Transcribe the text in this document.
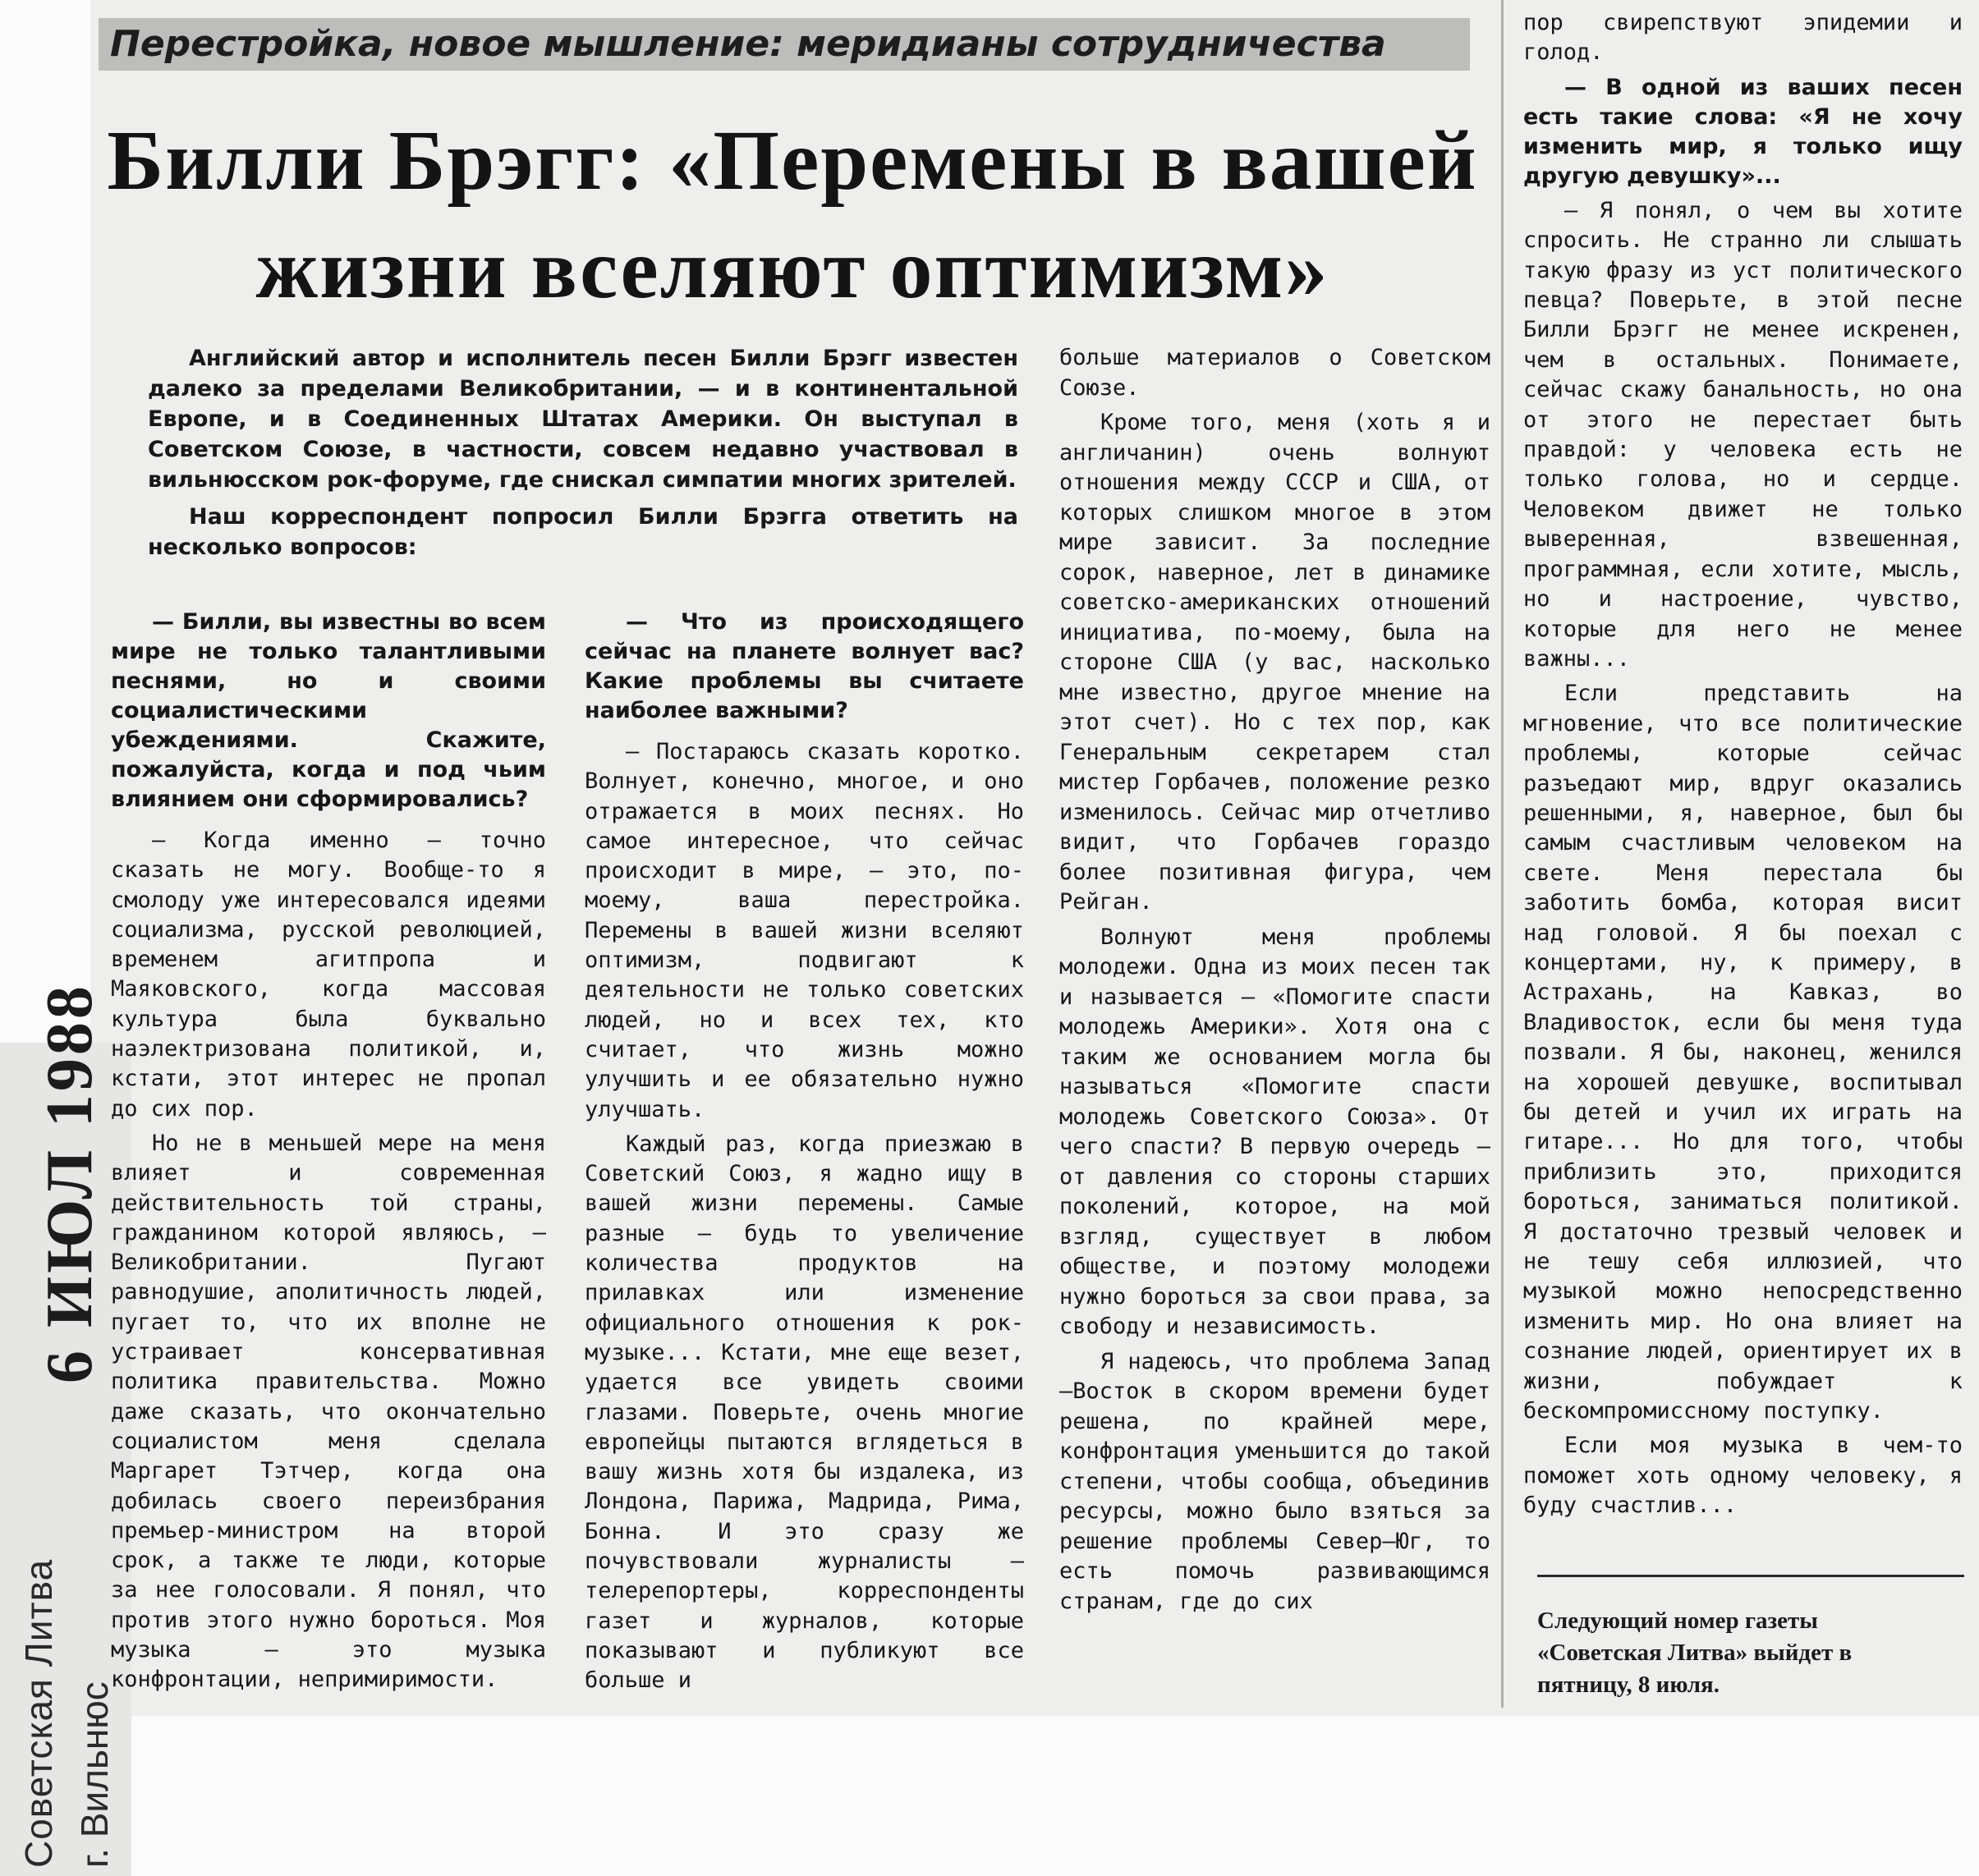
Советская Литва г. Вильнюс
6 ИЮЛ 1988
Перестройка, новое мышление: меридианы сотрудничества
Билли Брэгг: «Перемены в вашей
жизни вселяют оптимизм»

Английский автор и исполнитель песен Билли Брэгг известен далеко за пределами Великобритании, — и в континентальной Европе, и в Соединенных Штатах Америки. Он выступал в Советском Союзе, в частности, совсем недавно участвовал в вильнюсском рок-форуме, где снискал симпатии многих зрителей.

Наш корреспондент попросил Билли Брэгга ответить на несколько вопросов:

— Билли, вы известны во всем мире не только талантливыми песнями, но и своими социалистическими убеждениями. Скажите, пожалуйста, когда и под чьим влиянием они сформировались?

— Когда именно — точно сказать не могу. Вообще-то я смолоду уже интересовался идеями социализма, русской революцией, временем агитпропа и Маяковского, когда массовая культура была буквально наэлектризована политикой, и, кстати, этот интерес не пропал до сих пор.

Но не в меньшей мере на меня влияет и современная действительность той страны, гражданином которой являюсь, — Великобритании. Пугают равнодушие, аполитичность людей, пугает то, что их вполне не устраивает консервативная политика правительства. Можно даже сказать, что окончательно социалистом меня сделала Маргарет Тэтчер, когда она добилась своего переизбрания премьер-министром на второй срок, а также те люди, которые за нее голосовали. Я понял, что против этого нужно бороться. Моя музыка — это музыка конфронтации, непримиримости.

— Что из происходящего сейчас на планете волнует вас? Какие проблемы вы считаете наиболее важными?

— Постараюсь сказать коротко. Волнует, конечно, многое, и оно отражается в моих песнях. Но самое интересное, что сейчас происходит в мире, — это, по-моему, ваша перестройка. Перемены в вашей жизни вселяют оптимизм, подвигают к деятельности не только советских людей, но и всех тех, кто считает, что жизнь можно улучшить и ее обязательно нужно улучшать.

Каждый раз, когда приезжаю в Советский Союз, я жадно ищу в вашей жизни перемены. Самые разные — будь то увеличение количества продуктов на прилавках или изменение официального отношения к рок-музыке... Кстати, мне еще везет, удается все увидеть своими глазами. Поверьте, очень многие европейцы пытаются вглядеться в вашу жизнь хотя бы издалека, из Лондона, Парижа, Мадрида, Рима, Бонна. И это сразу же почувствовали журналисты — телерепортеры, корреспонденты газет и журналов, которые показывают и публикуют все больше и

больше материалов о Советском Союзе.

Кроме того, меня (хоть я и англичанин) очень волнуют отношения между СССР и США, от которых слишком многое в этом мире зависит. За последние сорок, наверное, лет в динамике советско-американских отношений инициатива, по-моему, была на стороне США (у вас, насколько мне известно, другое мнение на этот счет). Но с тех пор, как Генеральным секретарем стал мистер Горбачев, положение резко изменилось. Сейчас мир отчетливо видит, что Горбачев гораздо более позитивная фигура, чем Рейган.

Волнуют меня проблемы молодежи. Одна из моих песен так и называется — «Помогите спасти молодежь Америки». Хотя она с таким же основанием могла бы называться «Помогите спасти молодежь Советского Союза». От чего спасти? В первую очередь — от давления со стороны старших поколений, которое, на мой взгляд, существует в любом обществе, и поэтому молодежи нужно бороться за свои права, за свободу и независимость.

Я надеюсь, что проблема Запад—Восток в скором времени будет решена, по крайней мере, конфронтация уменьшится до такой степени, чтобы сообща, объединив ресурсы, можно было взяться за решение проблемы Север—Юг, то есть помочь развивающимся странам, где до сих

пор свирепствуют эпидемии и голод.

— В одной из ваших песен есть такие слова: «Я не хочу изменить мир, я только ищу другую девушку»...

— Я понял, о чем вы хотите спросить. Не странно ли слышать такую фразу из уст политического певца? Поверьте, в этой песне Билли Брэгг не менее искренен, чем в остальных. Понимаете, сейчас скажу банальность, но она от этого не перестает быть правдой: у человека есть не только голова, но и сердце. Человеком движет не только выверенная, взвешенная, программная, если хотите, мысль, но и настроение, чувство, которые для него не менее важны...

Если представить на мгновение, что все политические проблемы, которые сейчас разъедают мир, вдруг оказались решенными, я, наверное, был бы самым счастливым человеком на свете. Меня перестала бы заботить бомба, которая висит над головой. Я бы поехал с концертами, ну, к примеру, в Астрахань, на Кавказ, во Владивосток, если бы меня туда позвали. Я бы, наконец, женился на хорошей девушке, воспитывал бы детей и учил их играть на гитаре... Но для того, чтобы приблизить это, приходится бороться, заниматься политикой. Я достаточно трезвый человек и не тешу себя иллюзией, что музыкой можно непосредственно изменить мир. Но она влияет на сознание людей, ориентирует их в жизни, побуждает к бескомпромиссному поступку.

Если моя музыка в чем-то поможет хоть одному человеку, я буду счастлив...

Следующий номер газеты
«Советская Литва» выйдет в
пятницу, 8 июля.
